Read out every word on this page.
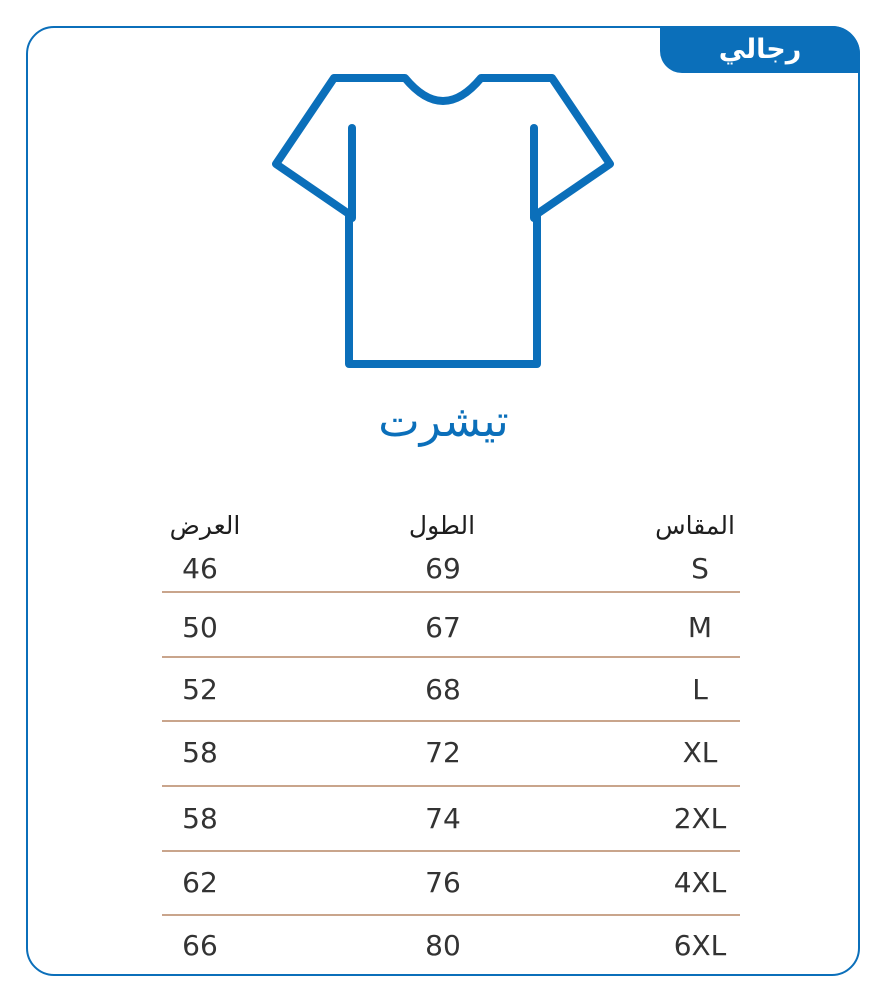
رجالي
تيشرت
المقاس
الطول
العرض
S
69
46
M
67
50
L
68
52
XL
72
58
2XL
74
58
4XL
76
62
6XL
80
66
